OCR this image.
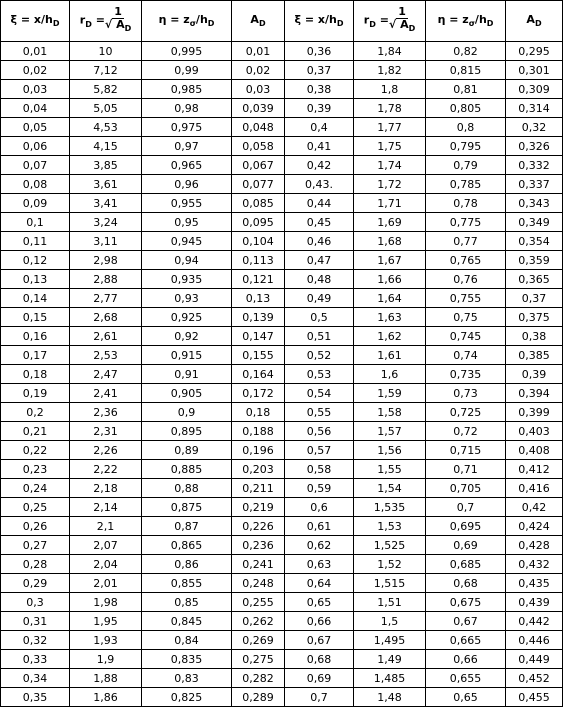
$\xi = x/h_D$	$r_D = \frac{1}{√ A_D}$	$\eta = z_\sigma/h_D$	$A_D$	$\xi = x/h_D$	$r_D = \frac{1}{√ A_D}$	$\eta = z_\sigma/h_D$	$A_D$
0,01	10	0,995	0,01	0,36	1,84	0,82	0,295
0,02	7,12	0,99	0,02	0,37	1,82	0,815	0,301
0,03	5,82	0,985	0,03	0,38	1,8	0,81	0,309
0,04	5,05	0,98	0,039	0,39	1,78	0,805	0,314
0,05	4,53	0,975	0,048	0,4	1,77	0,8	0,32
0,06	4,15	0,97	0,058	0,41	1,75	0,795	0,326
0,07	3,85	0,965	0,067	0,42	1,74	0,79	0,332
0,08	3,61	0,96	0,077	0,43.	1,72	0,785	0,337
0,09	3,41	0,955	0,085	0,44	1,71	0,78	0,343
0,1	3,24	0,95	0,095	0,45	1,69	0,775	0,349
0,11	3,11	0,945	0,104	0,46	1,68	0,77	0,354
0,12	2,98	0,94	0,113	0,47	1,67	0,765	0,359
0,13	2,88	0,935	0,121	0,48	1,66	0,76	0,365
0,14	2,77	0,93	0,13	0,49	1,64	0,755	0,37
0,15	2,68	0,925	0,139	0,5	1,63	0,75	0,375
0,16	2,61	0,92	0,147	0,51	1,62	0,745	0,38
0,17	2,53	0,915	0,155	0,52	1,61	0,74	0,385
0,18	2,47	0,91	0,164	0,53	1,6	0,735	0,39
0,19	2,41	0,905	0,172	0,54	1,59	0,73	0,394
0,2	2,36	0,9	0,18	0,55	1,58	0,725	0,399
0,21	2,31	0,895	0,188	0,56	1,57	0,72	0,403
0,22	2,26	0,89	0,196	0,57	1,56	0,715	0,408
0,23	2,22	0,885	0,203	0,58	1,55	0,71	0,412
0,24	2,18	0,88	0,211	0,59	1,54	0,705	0,416
0,25	2,14	0,875	0,219	0,6	1,535	0,7	0,42
0,26	2,1	0,87	0,226	0,61	1,53	0,695	0,424
0,27	2,07	0,865	0,236	0,62	1,525	0,69	0,428
0,28	2,04	0,86	0,241	0,63	1,52	0,685	0,432
0,29	2,01	0,855	0,248	0,64	1,515	0,68	0,435
0,3	1,98	0,85	0,255	0,65	1,51	0,675	0,439
0,31	1,95	0,845	0,262	0,66	1,5	0,67	0,442
0,32	1,93	0,84	0,269	0,67	1,495	0,665	0,446
0,33	1,9	0,835	0,275	0,68	1,49	0,66	0,449
0,34	1,88	0,83	0,282	0,69	1,485	0,655	0,452
0,35	1,86	0,825	0,289	0,7	1,48	0,65	0,455
